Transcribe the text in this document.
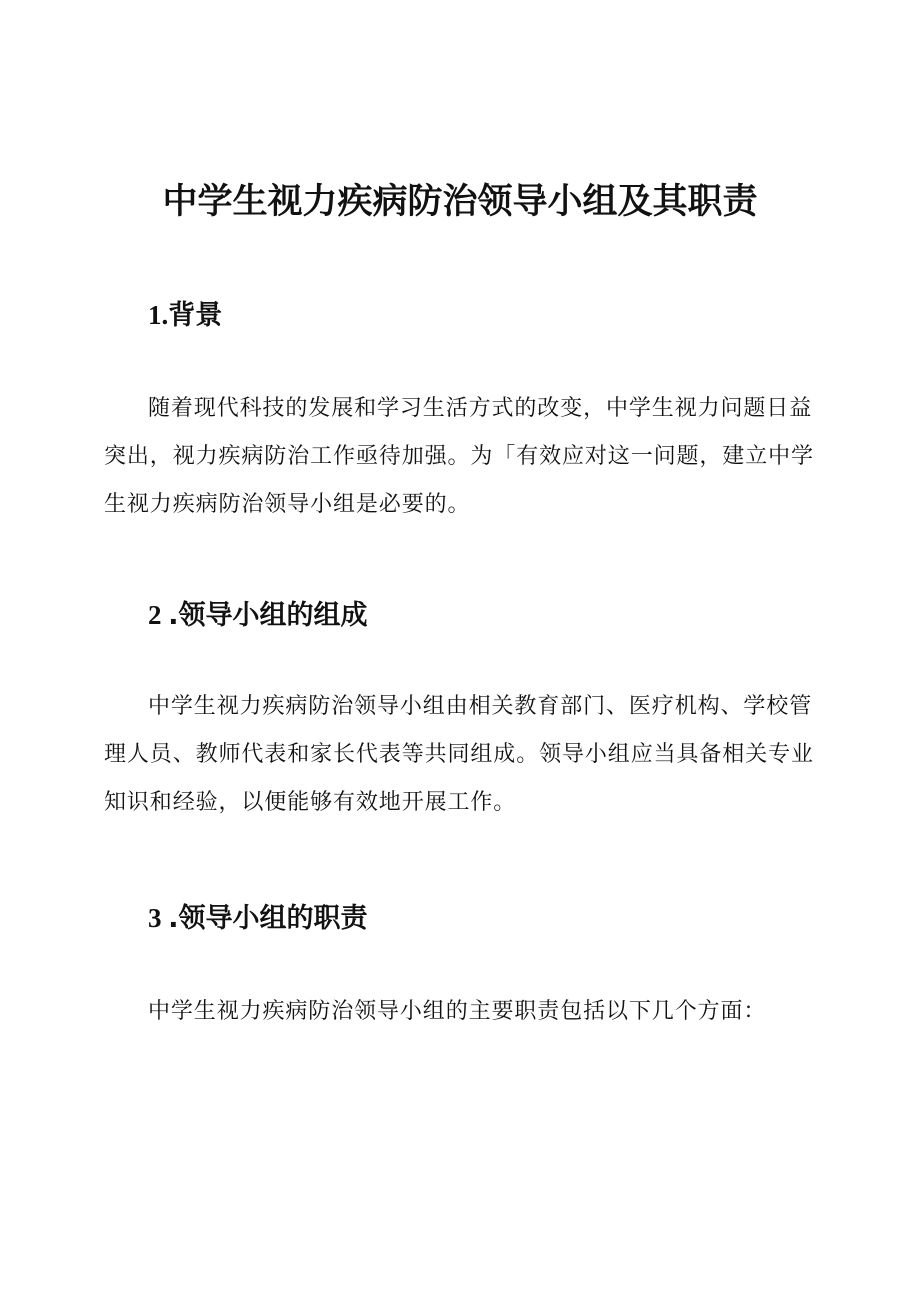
中学生视力疾病防治领导小组及其职责
1.背景

随着现代科技的发展和学习生活方式的改变，中学生视力问题日益
突出，视力疾病防治工作亟待加强。为「有效应对这一问题，建立中学
生视力疾病防治领导小组是必要的。

2 .领导小组的组成

中学生视力疾病防治领导小组由相关教育部门、医疗机构、学校管
理人员、教师代表和家长代表等共同组成。领导小组应当具备相关专业
知识和经验，以便能够有效地开展工作。

3 .领导小组的职责

中学生视力疾病防治领导小组的主要职责包括以下几个方面：
